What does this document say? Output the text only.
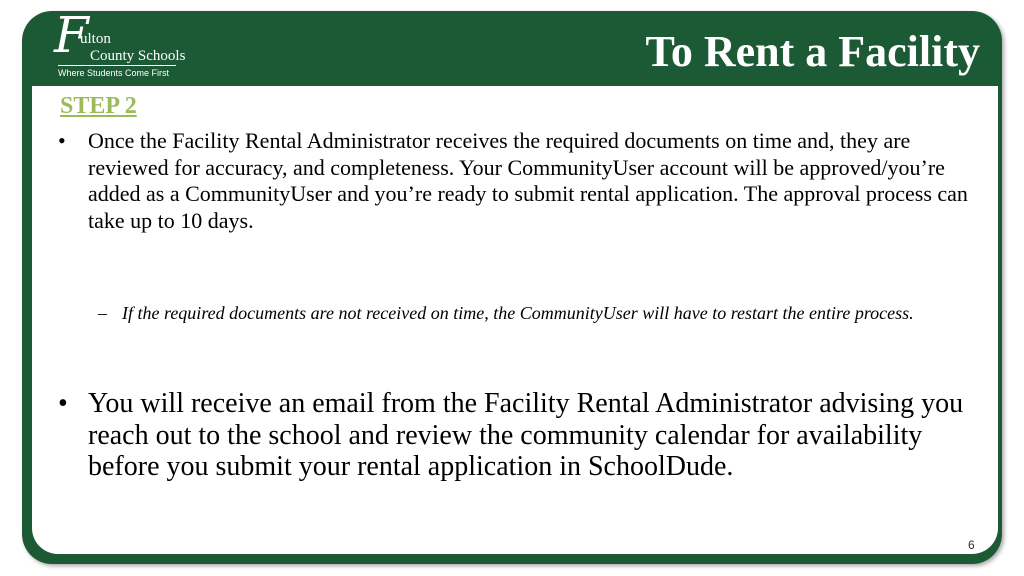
F
ulton
County Schools
Where Students Come First	To Rent a Facility

STEP 2

• Once the Facility Rental Administrator receives the required documents on time and, they are reviewed for accuracy, and completeness. Your CommunityUser account will be approved/you’re added as a CommunityUser and you’re ready to submit rental application. The approval process can take up to 10 days.

– If the required documents are not received on time, the CommunityUser will have to restart the entire process.

• You will receive an email from the Facility Rental Administrator advising you reach out to the school and review the community calendar for availability before you submit your rental application in SchoolDude.

6
